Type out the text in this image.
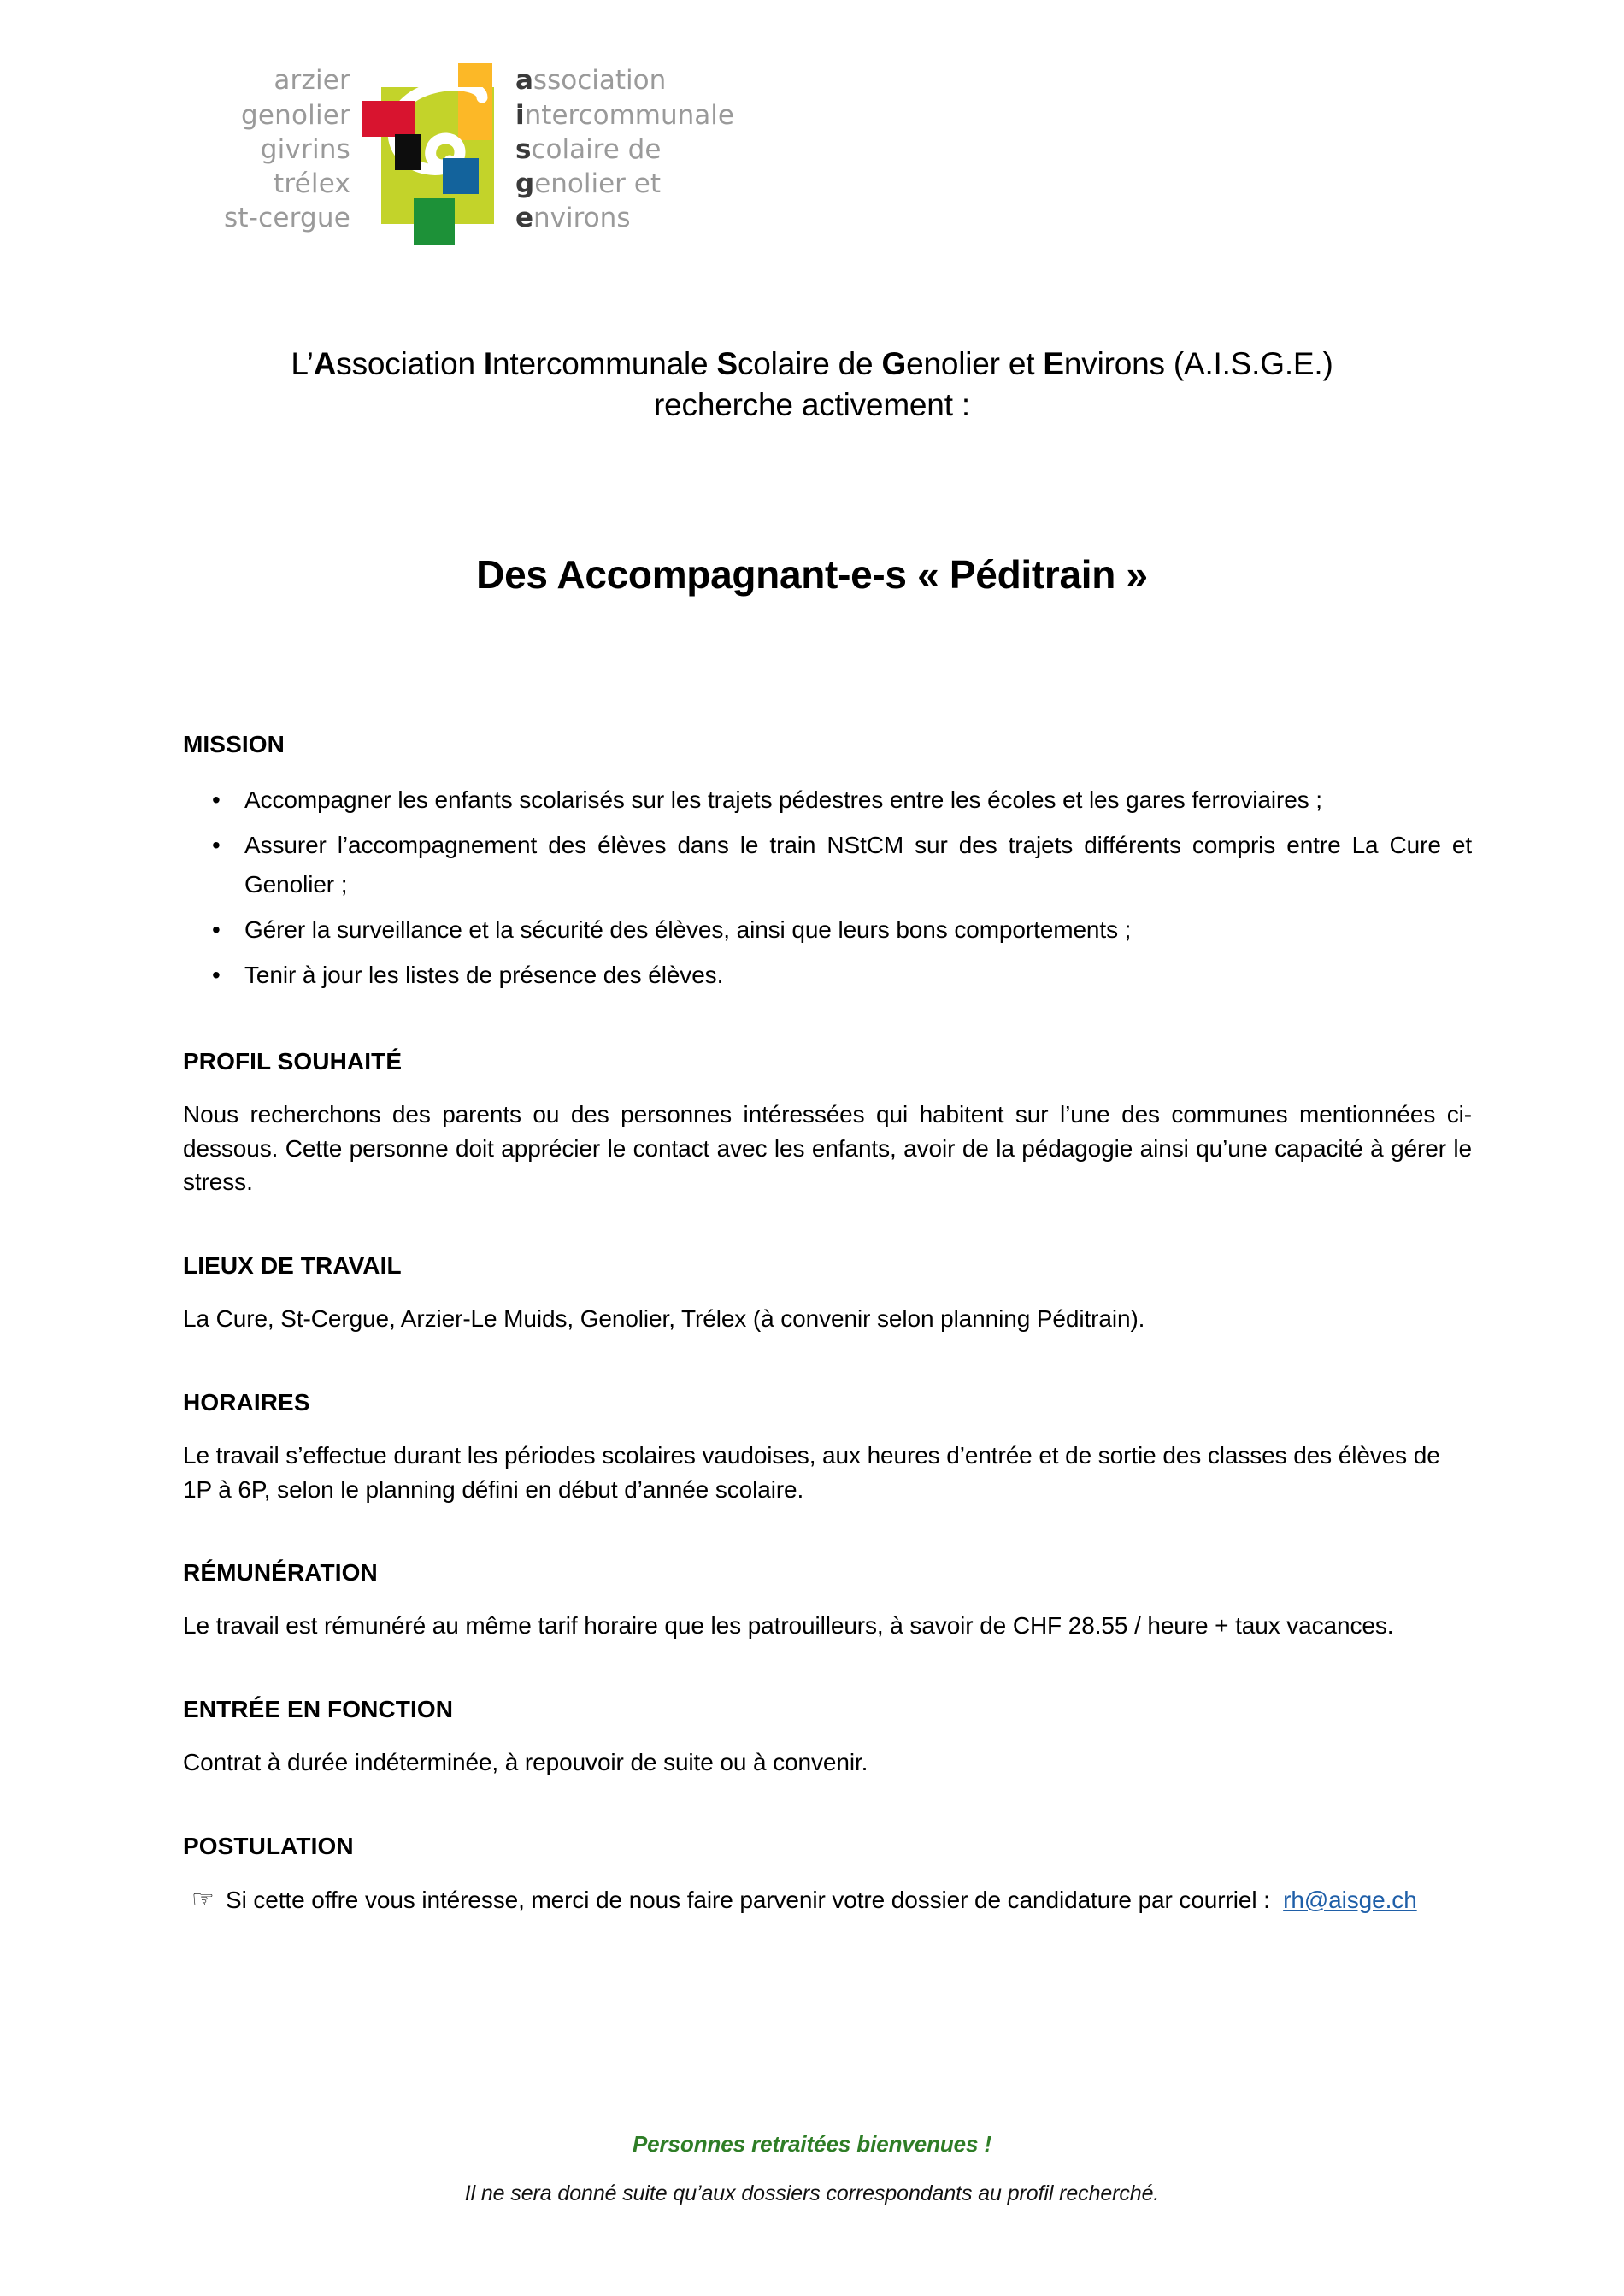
arzier
genolier
givrins
trélex
st-cergue
association
intercommunale
scolaire de
genolier et
environs
L’Association Intercommunale Scolaire de Genolier et Environs (A.I.S.G.E.)
recherche activement :
Des Accompagnant-e-s « Péditrain »
MISSION
• Accompagner les enfants scolarisés sur les trajets pédestres entre les écoles et les gares ferroviaires ;
• Assurer l’accompagnement des élèves dans le train NStCM sur des trajets différents compris entre La Cure et Genolier ;
• Gérer la surveillance et la sécurité des élèves, ainsi que leurs bons comportements ;
• Tenir à jour les listes de présence des élèves.
PROFIL SOUHAITÉ

Nous recherchons des parents ou des personnes intéressées qui habitent sur l’une des communes mentionnées ci-dessous. Cette personne doit apprécier le contact avec les enfants, avoir de la pédagogie ainsi qu’une capacité à gérer le stress.

LIEUX DE TRAVAIL

La Cure, St-Cergue, Arzier-Le Muids, Genolier, Trélex (à convenir selon planning Péditrain).

HORAIRES

Le travail s’effectue durant les périodes scolaires vaudoises, aux heures d’entrée et de sortie des classes des élèves de 1P à 6P, selon le planning défini en début d’année scolaire.

RÉMUNÉRATION

Le travail est rémunéré au même tarif horaire que les patrouilleurs, à savoir de CHF 28.55 / heure + taux vacances.

ENTRÉE EN FONCTION

Contrat à durée indéterminée, à repouvoir de suite ou à convenir.

POSTULATION
☞ Si cette offre vous intéresse, merci de nous faire parvenir votre dossier de candidature par courriel : rh@aisge.ch
Personnes retraitées bienvenues !
Il ne sera donné suite qu’aux dossiers correspondants au profil recherché.
